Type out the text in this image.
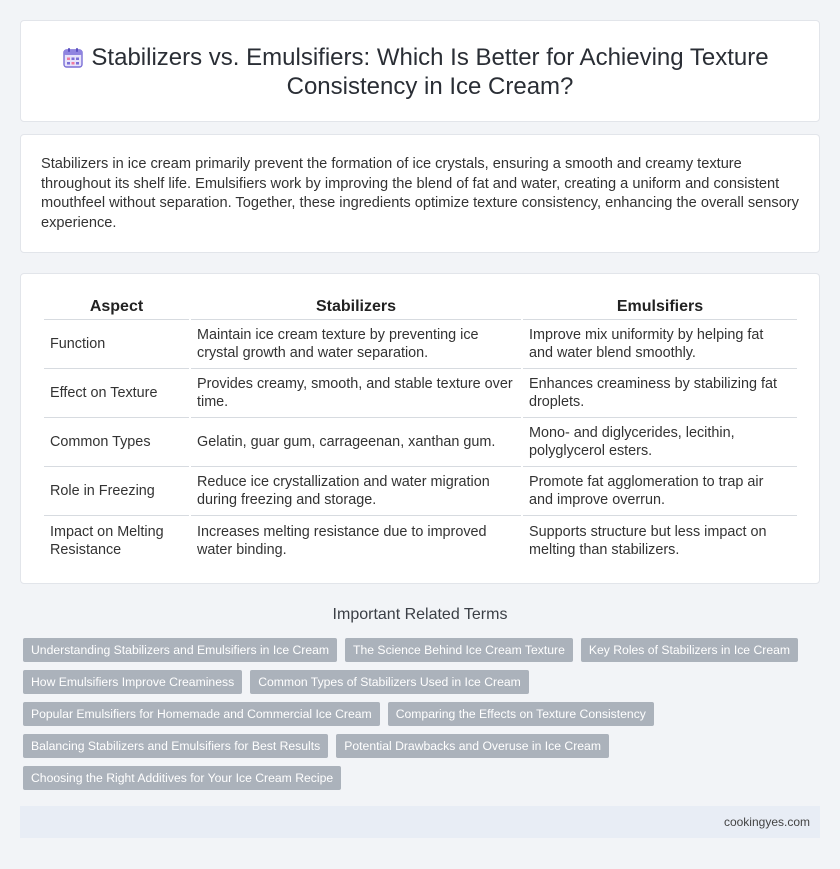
Stabilizers vs. Emulsifiers: Which Is Better for Achieving Texture Consistency in Ice Cream?

Stabilizers in ice cream primarily prevent the formation of ice crystals, ensuring a smooth and creamy texture throughout its shelf life. Emulsifiers work by improving the blend of fat and water, creating a uniform and consistent mouthfeel without separation. Together, these ingredients optimize texture consistency, enhancing the overall sensory experience.

Aspect	Stabilizers	Emulsifiers
Function	Maintain ice cream texture by preventing ice crystal growth and water separation.	Improve mix uniformity by helping fat and water blend smoothly.
Effect on Texture	Provides creamy, smooth, and stable texture over time.	Enhances creaminess by stabilizing fat droplets.
Common Types	Gelatin, guar gum, carrageenan, xanthan gum.	Mono- and diglycerides, lecithin, polyglycerol esters.
Role in Freezing	Reduce ice crystallization and water migration during freezing and storage.	Promote fat agglomeration to trap air and improve overrun.
Impact on Melting Resistance	Increases melting resistance due to improved water binding.	Supports structure but less impact on melting than stabilizers.
Important Related Terms
Understanding Stabilizers and Emulsifiers in Ice Cream	The Science Behind Ice Cream Texture	Key Roles of Stabilizers in Ice Cream
How Emulsifiers Improve Creaminess	Common Types of Stabilizers Used in Ice Cream
Popular Emulsifiers for Homemade and Commercial Ice Cream	Comparing the Effects on Texture Consistency
Balancing Stabilizers and Emulsifiers for Best Results	Potential Drawbacks and Overuse in Ice Cream
Choosing the Right Additives for Your Ice Cream Recipe
cookingyes.com
